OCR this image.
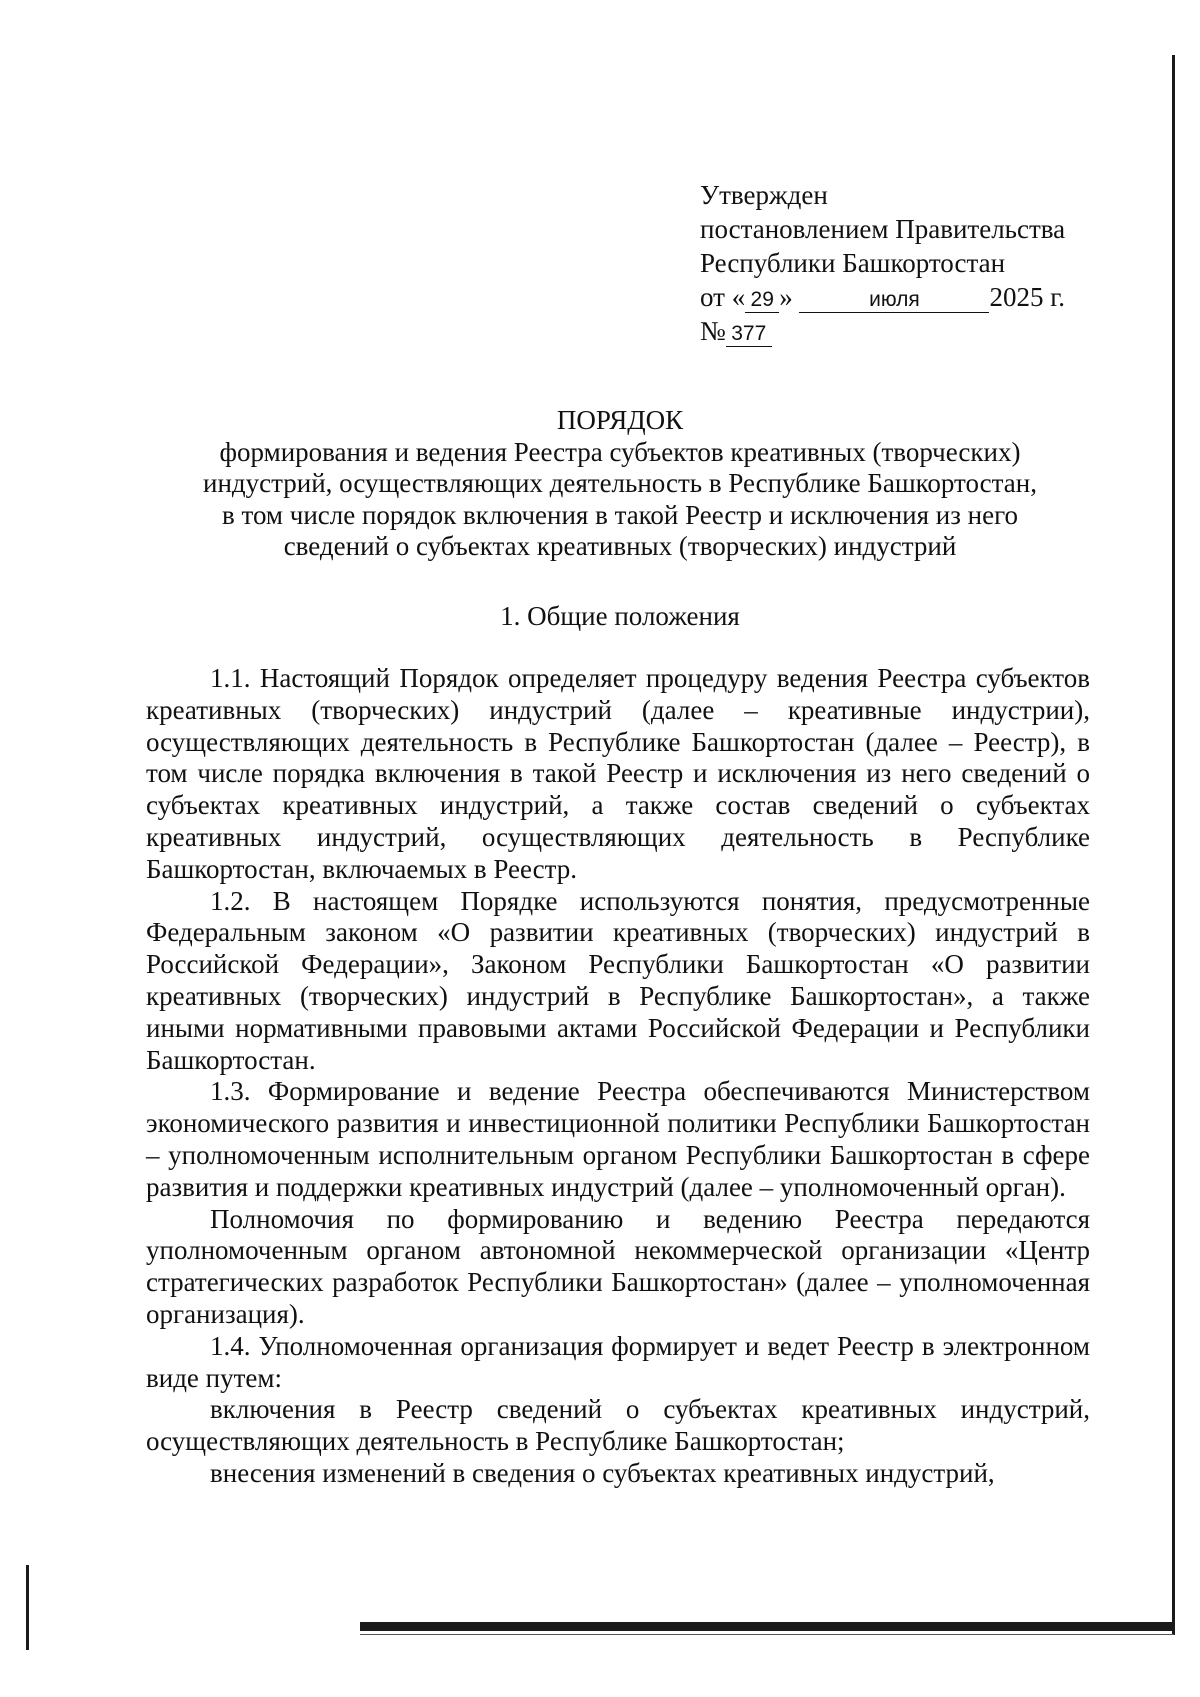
Утвержден
постановлением Правительства
Республики Башкортостан
от « 29 »	июля	2025 г.
№ 377
ПОРЯДОК
формирования и ведения Реестра субъектов креативных (творческих)
индустрий, осуществляющих деятельность в Республике Башкортостан,
в том числе порядок включения в такой Реестр и исключения из него
сведений о субъектах креативных (творческих) индустрий
1. Общие положения

1.1. Настоящий Порядок определяет процедуру ведения Реестра субъектов креативных (творческих) индустрий (далее – креативные индустрии), осуществляющих деятельность в Республике Башкортостан (далее – Реестр), в том числе порядка включения в такой Реестр и исключения из него сведений о субъектах креативных индустрий, а также состав сведений о субъектах креативных индустрий, осуществляющих деятельность в Республике Башкортостан, включаемых в Реестр.

1.2. В настоящем Порядке используются понятия, предусмотренные Федеральным законом «О развитии креативных (творческих) индустрий в Российской Федерации», Законом Республики Башкортостан «О развитии креативных (творческих) индустрий в Республике Башкортостан», а также иными нормативными правовыми актами Российской Федерации и Республики Башкортостан.

1.3. Формирование и ведение Реестра обеспечиваются Министерством экономического развития и инвестиционной политики Республики Башкортостан – уполномоченным исполнительным органом Республики Башкортостан в сфере развития и поддержки креативных индустрий (далее – уполномоченный орган).

Полномочия по формированию и ведению Реестра передаются уполномоченным органом автономной некоммерческой организации «Центр стратегических разработок Республики Башкортостан» (далее – уполномоченная организация).

1.4. Уполномоченная организация формирует и ведет Реестр в электронном виде путем:

включения в Реестр сведений о субъектах креативных индустрий, осуществляющих деятельность в Республике Башкортостан;

внесения изменений в сведения о субъектах креативных индустрий,
